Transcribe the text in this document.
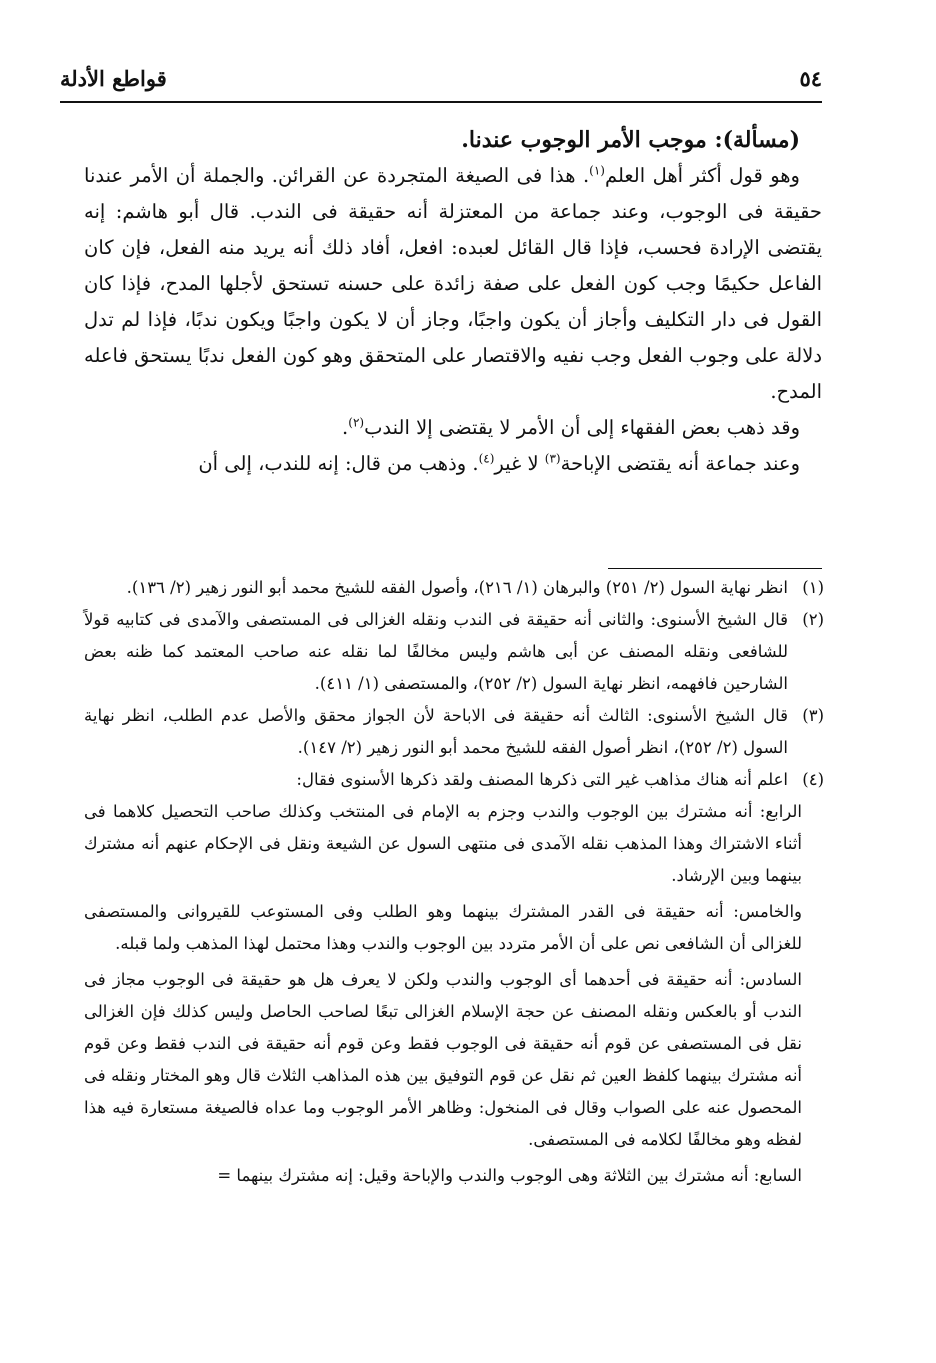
٥٤
قواطع الأدلة

(مسألة): موجب الأمر الوجوب عندنا.

وهو قول أكثر أهل العلم$^{(١)}$. هذا فى الصيغة المتجردة عن القرائن. والجملة أن الأمر عندنا حقيقة فى الوجوب، وعند جماعة من المعتزلة أنه حقيقة فى الندب. قال أبو هاشم: إنه يقتضى الإرادة فحسب، فإذا قال القائل لعبده: افعل، أفاد ذلك أنه يريد منه الفعل، فإن كان الفاعل حكيمًا وجب كون الفعل على صفة زائدة على حسنه تستحق لأجلها المدح، فإذا كان القول فى دار التكليف وأجاز أن يكون واجبًا، وجاز أن لا يكون واجبًا ويكون ندبًا، فإذا لم تدل دلالة على وجوب الفعل وجب نفيه والاقتصار على المتحقق وهو كون الفعل ندبًا يستحق فاعله المدح.

وقد ذهب بعض الفقهاء إلى أن الأمر لا يقتضى إلا الندب$^{(٢)}$.

وعند جماعة أنه يقتضى الإباحة$^{(٣)}$ لا غير$^{(٤)}$. وذهب من قال: إنه للندب، إلى أن

(١)
انظر نهاية السول (٢/ ٢٥١) والبرهان (١/ ٢١٦)، وأصول الفقه للشيخ محمد أبو النور زهير (٢/ ١٣٦).
(٢)
قال الشيخ الأسنوى: والثانى أنه حقيقة فى الندب ونقله الغزالى فى المستصفى والآمدى فى كتابيه قولاً للشافعى ونقله المصنف عن أبى هاشم وليس مخالفًا لما نقله عنه صاحب المعتمد كما ظنه بعض الشارحين فافهمه، انظر نهاية السول (٢/ ٢٥٢)، والمستصفى (١/ ٤١١).
(٣)
قال الشيخ الأسنوى: الثالث أنه حقيقة فى الاباحة لأن الجواز محقق والأصل عدم الطلب، انظر نهاية السول (٢/ ٢٥٢)، انظر أصول الفقه للشيخ محمد أبو النور زهير (٢/ ١٤٧).
(٤)
اعلم أنه هناك مذاهب غير التى ذكرها المصنف ولقد ذكرها الأسنوى فقال:

الرابع: أنه مشترك بين الوجوب والندب وجزم به الإمام فى المنتخب وكذلك صاحب التحصيل كلاهما فى أثناء الاشتراك وهذا المذهب نقله الآمدى فى منتهى السول عن الشيعة ونقل فى الإحكام عنهم أنه مشترك بينهما وبين الإرشاد.

والخامس: أنه حقيقة فى القدر المشترك بينهما وهو الطلب وفى المستوعب للقيروانى والمستصفى للغزالى أن الشافعى نص على أن الأمر متردد بين الوجوب والندب وهذا محتمل لهذا المذهب ولما قبله.

السادس: أنه حقيقة فى أحدهما أى الوجوب والندب ولكن لا يعرف هل هو حقيقة فى الوجوب مجاز فى الندب أو بالعكس ونقله المصنف عن حجة الإسلام الغزالى تبعًا لصاحب الحاصل وليس كذلك فإن الغزالى نقل فى المستصفى عن قوم أنه حقيقة فى الوجوب فقط وعن قوم أنه حقيقة فى الندب فقط وعن قوم أنه مشترك بينهما كلفظ العين ثم نقل عن قوم التوفيق بين هذه المذاهب الثلاث قال وهو المختار ونقله فى المحصول عنه على الصواب وقال فى المنخول: وظاهر الأمر الوجوب وما عداه فالصيغة مستعارة فيه هذا لفظه وهو مخالفًا لكلامه فى المستصفى.

السابع: أنه مشترك بين الثلاثة وهى الوجوب والندب والإباحة وقيل: إنه مشترك بينهما =
